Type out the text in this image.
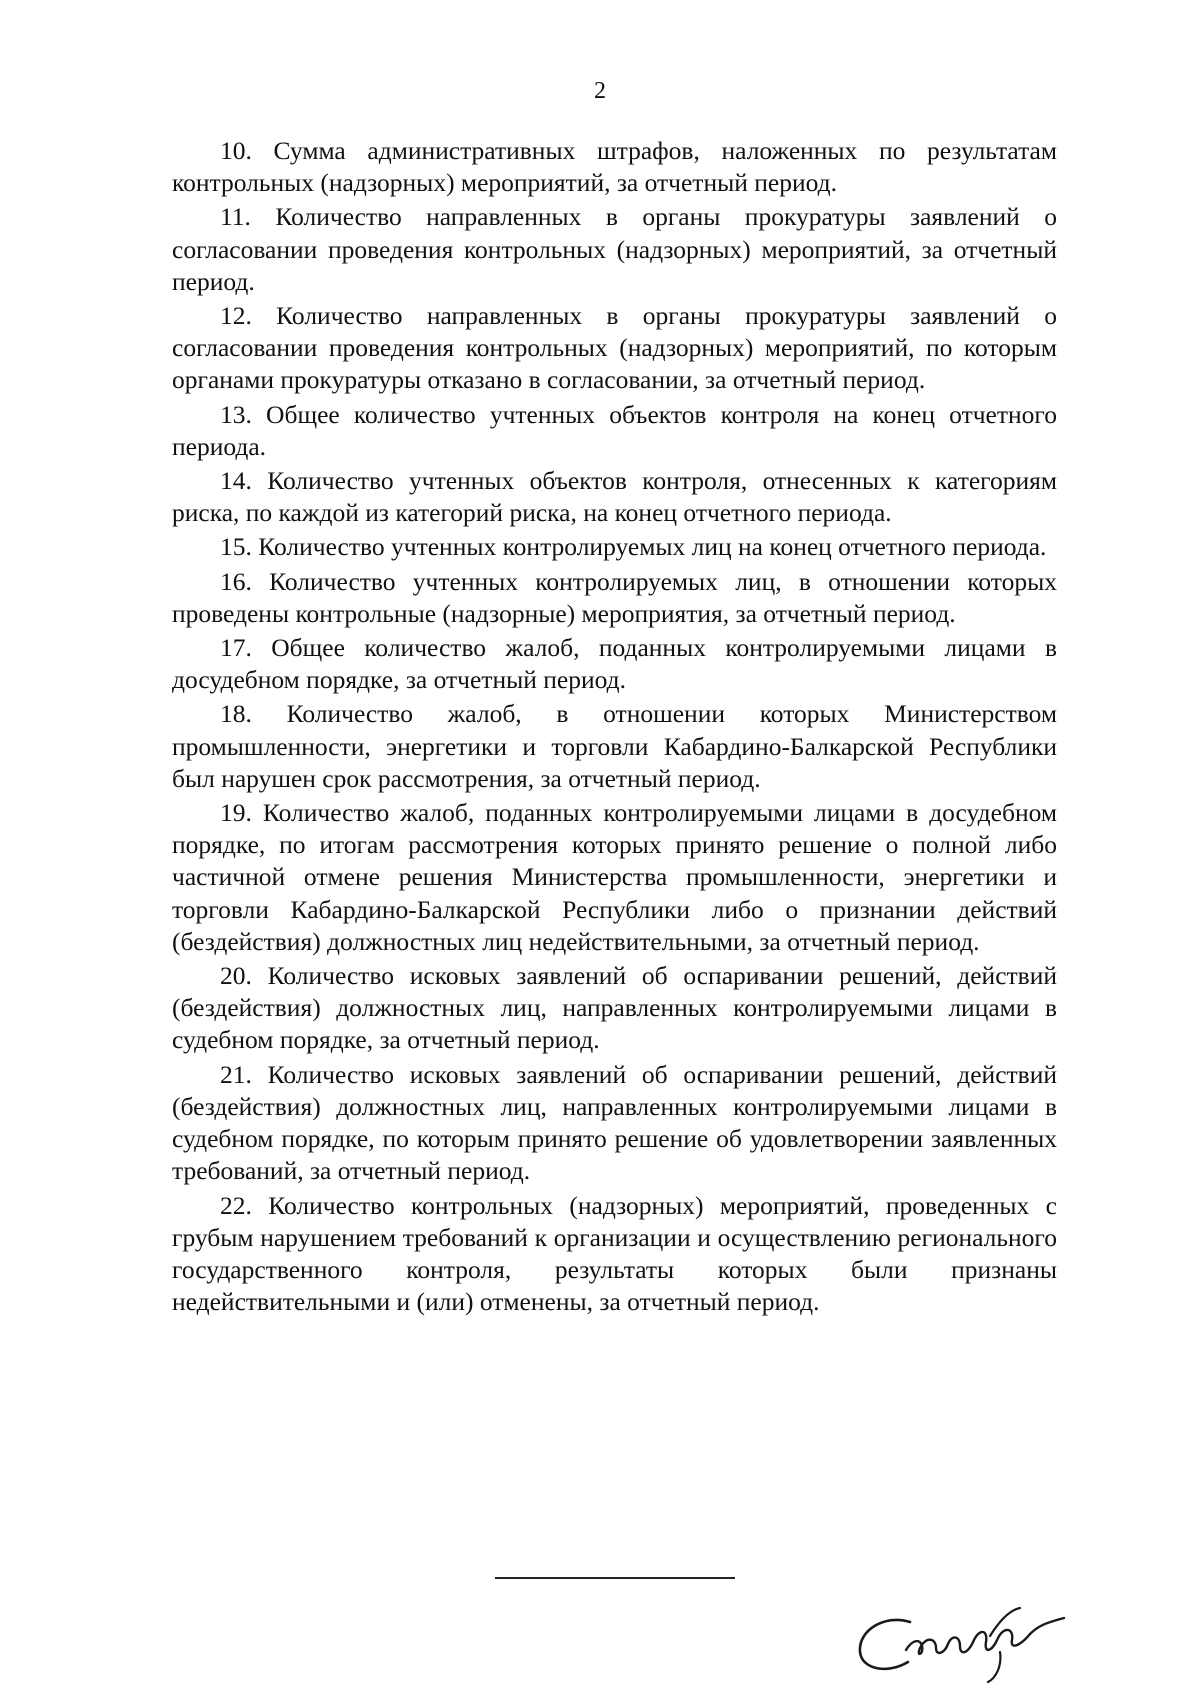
2

10. Сумма административных штрафов, наложенных по результатам контрольных (надзорных) мероприятий, за отчетный период.

11. Количество направленных в органы прокуратуры заявлений о согласовании проведения контрольных (надзорных) мероприятий, за отчетный период.

12. Количество направленных в органы прокуратуры заявлений о согласовании проведения контрольных (надзорных) мероприятий, по которым органами прокуратуры отказано в согласовании, за отчетный период.

13. Общее количество учтенных объектов контроля на конец отчетного периода.

14. Количество учтенных объектов контроля, отнесенных к категориям риска, по каждой из категорий риска, на конец отчетного периода.

15. Количество учтенных контролируемых лиц на конец отчетного периода.

16. Количество учтенных контролируемых лиц, в отношении которых проведены контрольные (надзорные) мероприятия, за отчетный период.

17. Общее количество жалоб, поданных контролируемыми лицами в досудебном порядке, за отчетный период.

18. Количество жалоб, в отношении которых Министерством промышленности, энергетики и торговли Кабардино-Балкарской Республики был нарушен срок рассмотрения, за отчетный период.

19. Количество жалоб, поданных контролируемыми лицами в досудебном порядке, по итогам рассмотрения которых принято решение о полной либо частичной отмене решения Министерства промышленности, энергетики и торговли Кабардино-Балкарской Республики либо о признании действий (бездействия) должностных лиц недействительными, за отчетный период.

20. Количество исковых заявлений об оспаривании решений, действий (бездействия) должностных лиц, направленных контролируемыми лицами в судебном порядке, за отчетный период.

21. Количество исковых заявлений об оспаривании решений, действий (бездействия) должностных лиц, направленных контролируемыми лицами в судебном порядке, по которым принято решение об удовлетворении заявленных требований, за отчетный период.

22. Количество контрольных (надзорных) мероприятий, проведенных с грубым нарушением требований к организации и осуществлению регионального государственного контроля, результаты которых были признаны недействительными и (или) отменены, за отчетный период.
